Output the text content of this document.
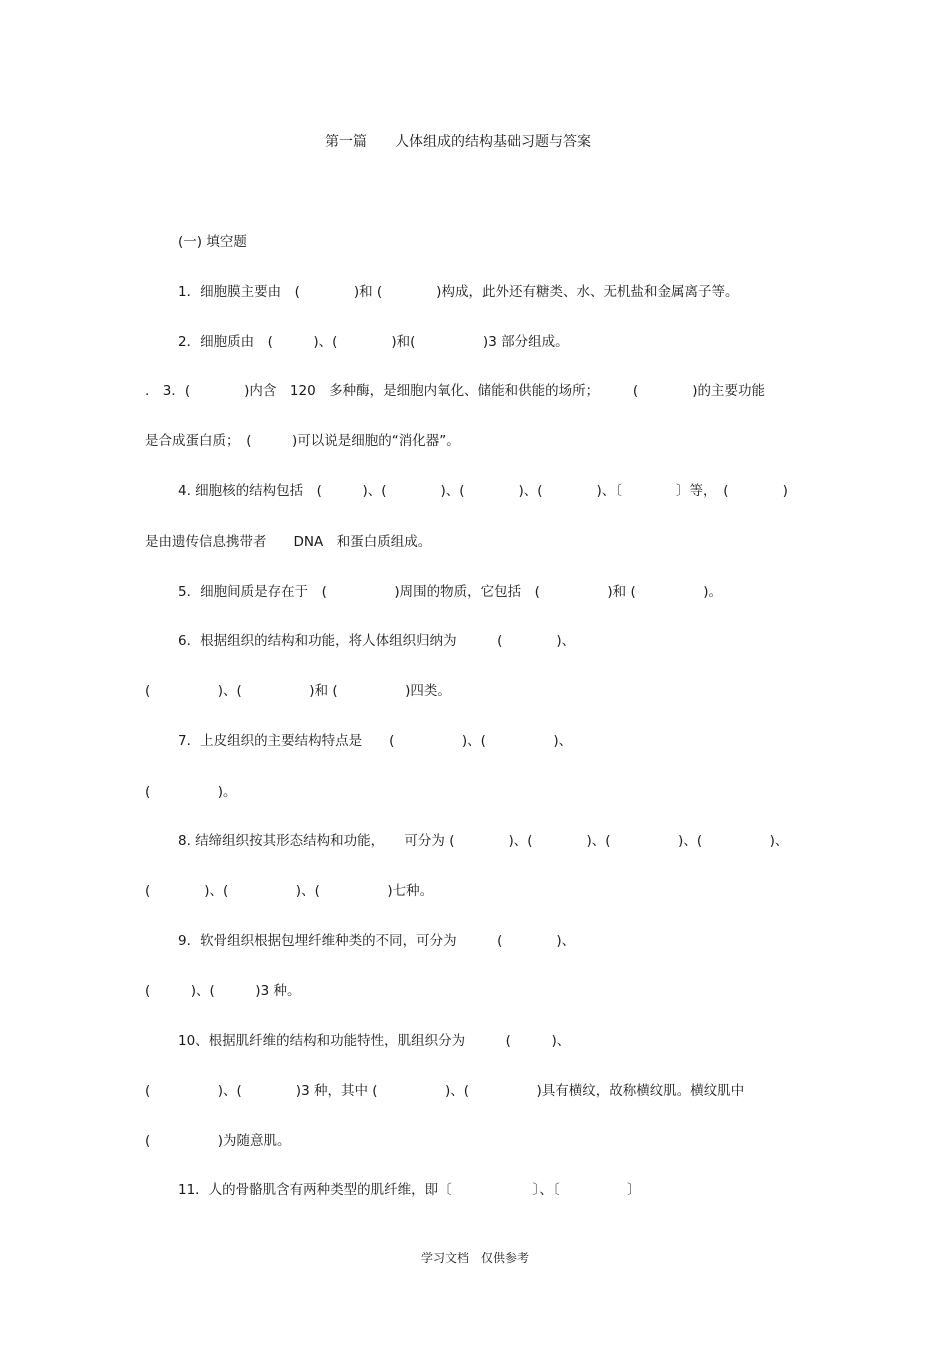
第一篇　　人体组成的结构基础习题与答案
(一) 填空题
1．细胞膜主要由　(　　　　)和 (　　　　)构成，此外还有糖类、水、无机盐和金属离子等。
2．细胞质由　(　　　)、(　　　　)和(　　　　　)3 部分组成。
.　3．(　　　　)内含　120　多种酶，是细胞内氧化、储能和供能的场所；　　　(　　　　)的主要功能
是合成蛋白质；　(　　　)可以说是细胞的“消化器”。
4. 细胞核的结构包括　(　　　)、(　　　　)、(　　　　)、(　　　　)、〔　　　　〕等，　(　　　　)
是由遗传信息携带者　　DNA　和蛋白质组成。
5．细胞间质是存在于　(　　　　　)周围的物质，它包括　(　　　　　)和 (　　　　　)。
6．根据组织的结构和功能，将人体组织归纳为　　　(　　　　)、
(　　　　　)、(　　　　　)和 (　　　　　)四类。
7．上皮组织的主要结构特点是　　(　　　　　)、(　　　　　)、
(　　　　　)。
8. 结缔组织按其形态结构和功能，　　可分为 (　　　　)、(　　　　)、(　　　　　)、(　　　　　)、
(　　　　)、(　　　　　)、(　　　　　)七种。
9．软骨组织根据包埋纤维种类的不同，可分为　　　(　　　　)、
(　　　)、(　　　)3 种。
10、根据肌纤维的结构和功能特性，肌组织分为　　　(　　　)、
(　　　　　)、(　　　　)3 种，其中 (　　　　　)、(　　　　　)具有横纹，故称横纹肌。横纹肌中
(　　　　　)为随意肌。
11．人的骨骼肌含有两种类型的肌纤维，即〔　　　　　　〕、〔　　　　　〕
学习文档　仅供参考
